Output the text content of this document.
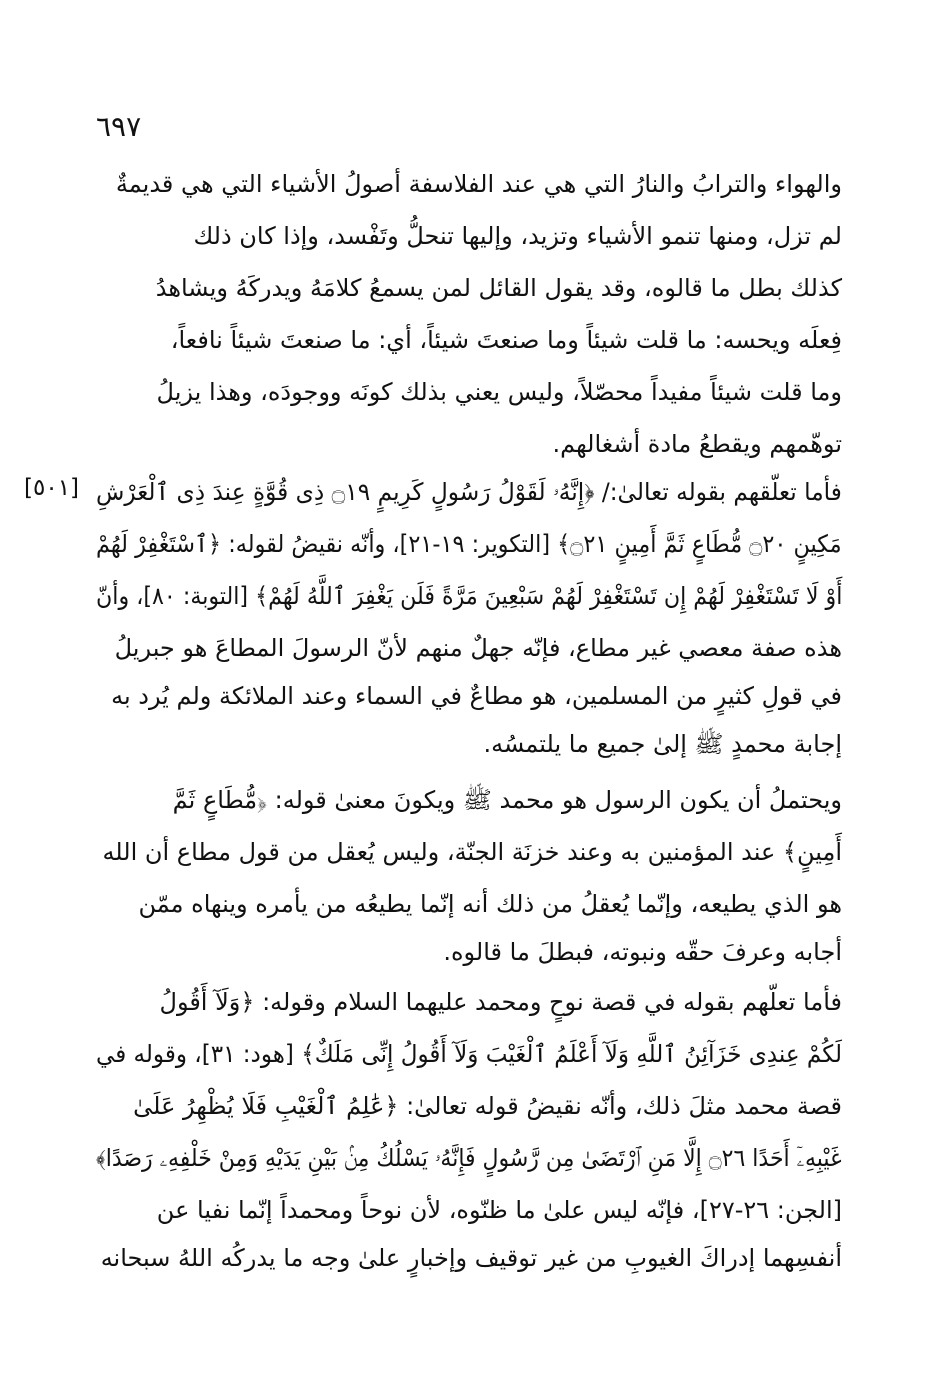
٦٩٧
[٥٠١]
والهواء والترابُ والنارُ التي هي عند الفلاسفة أصولُ الأشياء التي هي قديمةٌ
لم تزل، ومنها تنمو الأشياء وتزيد، وإليها تنحلُّ وتَفْسد، وإذا كان ذلك
كذلك بطل ما قالوه، وقد يقول القائل لمن يسمعُ كلامَهُ ويدركَهُ ويشاهدُ
فِعلَه ويحسه: ما قلت شيئاً وما صنعتَ شيئاً، أي: ما صنعتَ شيئاً نافعاً،
وما قلت شيئاً مفيداً محصّلاً، وليس يعني بذلك كونَه ووجودَه، وهذا يزيلُ
توهّمهم ويقطعُ مادة أشغالهم.
فأما تعلّقهم بقوله تعالىٰ:/ ﴿إِنَّهُۥ لَقَوْلُ رَسُولٍ كَرِيمٍ ۝١٩ ذِى قُوَّةٍ عِندَ ذِى ٱلْعَرْشِ
مَكِينٍ ۝٢٠ مُّطَاعٍ ثَمَّ أَمِينٍ ۝٢١﴾ [التكوير: ١٩-٢١]، وأنّه نقيضُ لقوله: ﴿ٱسْتَغْفِرْ لَهُمْ
أَوْ لَا تَسْتَغْفِرْ لَهُمْ إِن تَسْتَغْفِرْ لَهُمْ سَبْعِينَ مَرَّةً فَلَن يَغْفِرَ ٱللَّهُ لَهُمْ﴾ [التوبة: ٨٠]، وأنّ
هذه صفة معصي غير مطاع، فإنّه جهلٌ منهم لأنّ الرسولَ المطاعَ هو جبريلُ
في قولِ كثيرٍ من المسلمين، هو مطاعٌ في السماء وعند الملائكة ولم يُرد به
إجابة محمدٍ ﷺ إلىٰ جميع ما يلتمسُه.
ويحتملُ أن يكون الرسول هو محمد ﷺ ويكونَ معنىٰ قوله: ﴿مُّطَاعٍ ثَمَّ
أَمِينٍ﴾ عند المؤمنين به وعند خزنَة الجنّة، وليس يُعقل من قول مطاع أن الله
هو الذي يطيعه، وإنّما يُعقلُ من ذلك أنه إنّما يطيعُه من يأمره وينهاه ممّن
أجابه وعرفَ حقّه ونبوته، فبطلَ ما قالوه.
فأما تعلّهم بقوله في قصة نوحٍ ومحمد عليهما السلام وقوله: ﴿وَلَآ أَقُولُ
لَكُمْ عِندِى خَزَآئِنُ ٱللَّهِ وَلَآ أَعْلَمُ ٱلْغَيْبَ وَلَآ أَقُولُ إِنِّى مَلَكٌ﴾ [هود: ٣١]، وقوله في
قصة محمد مثلَ ذلك، وأنّه نقيضُ قوله تعالىٰ: ﴿عَٰلِمُ ٱلْغَيْبِ فَلَا يُظْهِرُ عَلَىٰ
غَيْبِهِۦٓ أَحَدًا ۝٢٦ إِلَّا مَنِ ٱرْتَضَىٰ مِن رَّسُولٍ فَإِنَّهُۥ يَسْلُكُ مِنۢ بَيْنِ يَدَيْهِ وَمِنْ خَلْفِهِۦ رَصَدًا﴾
[الجن: ٢٦-٢٧]، فإنّه ليس علىٰ ما ظنّوه، لأن نوحاً ومحمداً إنّما نفيا عن
أنفسِهما إدراكَ الغيوبِ من غير توقيف وإخبارٍ علىٰ وجه ما يدركُه اللهُ سبحانه
